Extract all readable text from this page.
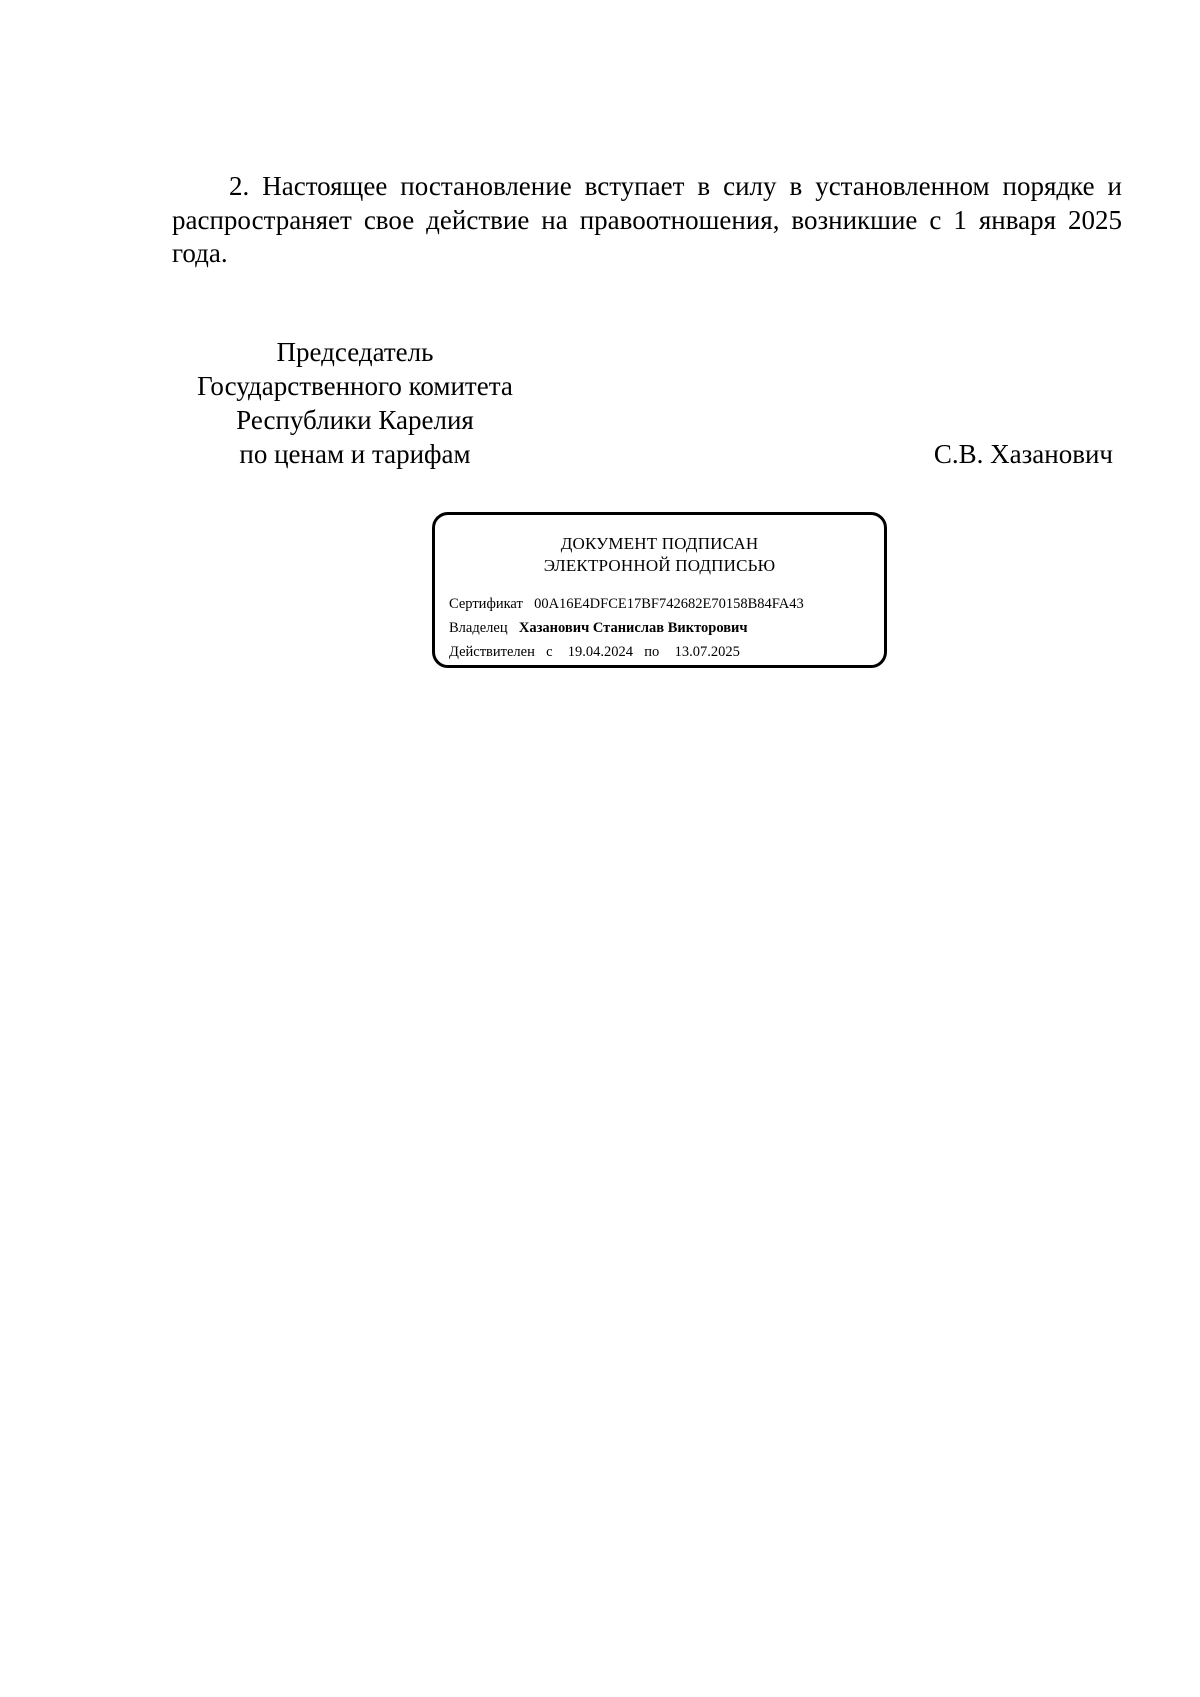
2. Настоящее постановление вступает в силу в установленном порядке и распространяет свое действие на правоотношения, возникшие с 1 января 2025 года.

Председатель
Государственного комитета
Республики Карелия
по ценам и тарифам	С.В. Хазанович
ДОКУМЕНТ ПОДПИСАН
ЭЛЕКТРОННОЙ ПОДПИСЬЮ
Сертификат 00A16E4DFCE17BF742682E70158B84FA43
Владелец Хазанович Станислав Викторович
Действителен с 19.04.2024 по 13.07.2025
